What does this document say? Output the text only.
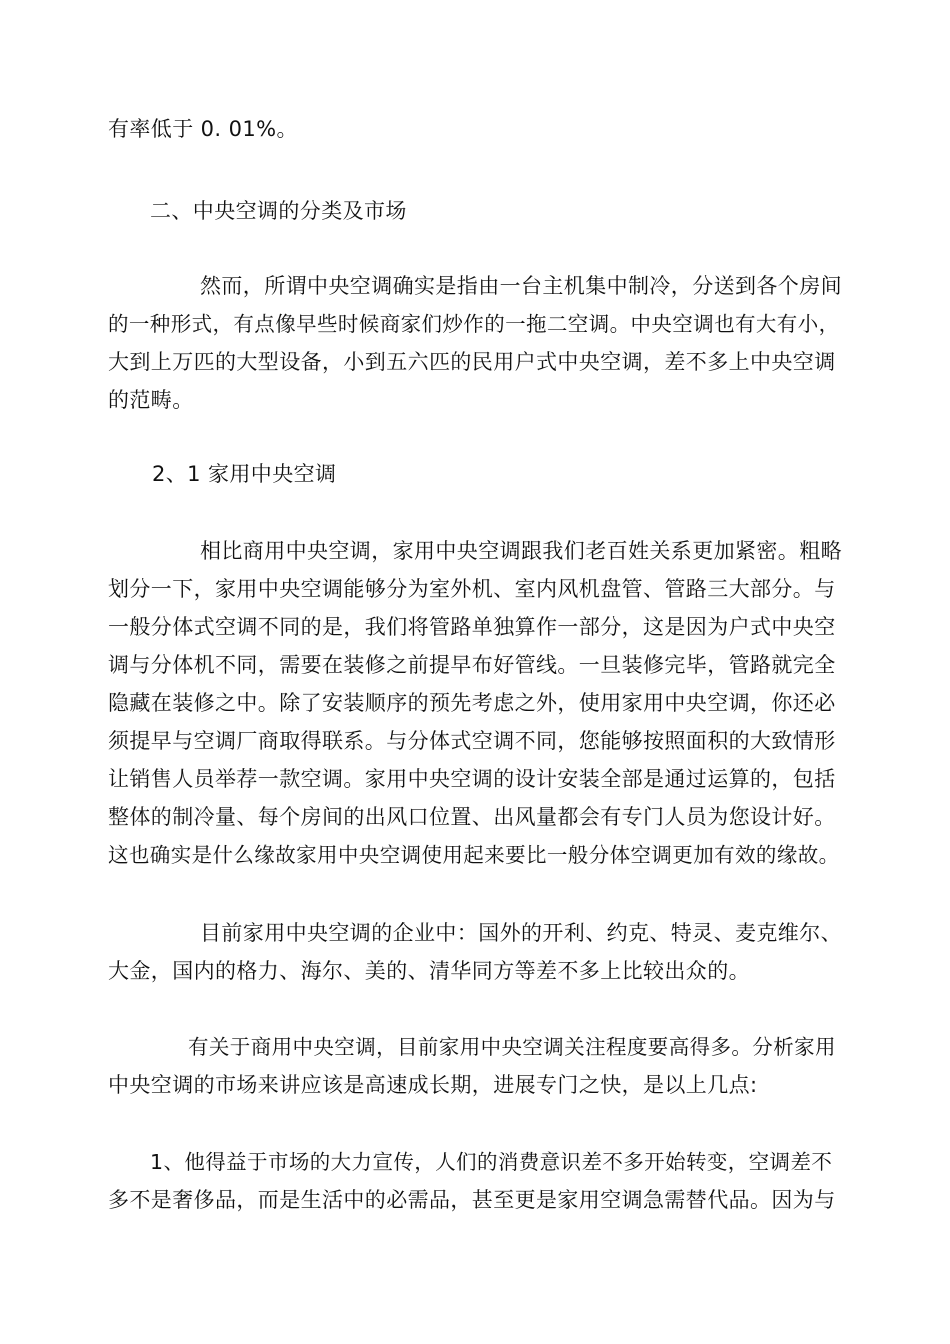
有率低于 0. 01%。
二、中央空调的分类及市场
然而，所谓中央空调确实是指由一台主机集中制冷，分送到各个房间
的一种形式，有点像早些时候商家们炒作的一拖二空调。中央空调也有大有小，
大到上万匹的大型设备，小到五六匹的民用户式中央空调，差不多上中央空调
的范畴。
2、1 家用中央空调
相比商用中央空调，家用中央空调跟我们老百姓关系更加紧密。粗略
划分一下，家用中央空调能够分为室外机、室内风机盘管、管路三大部分。与
一般分体式空调不同的是，我们将管路单独算作一部分，这是因为户式中央空
调与分体机不同，需要在装修之前提早布好管线。一旦装修完毕，管路就完全
隐藏在装修之中。除了安装顺序的预先考虑之外，使用家用中央空调，你还必
须提早与空调厂商取得联系。与分体式空调不同，您能够按照面积的大致情形
让销售人员举荐一款空调。家用中央空调的设计安装全部是通过运算的，包括
整体的制冷量、每个房间的出风口位置、出风量都会有专门人员为您设计好。
这也确实是什么缘故家用中央空调使用起来要比一般分体空调更加有效的缘故。
目前家用中央空调的企业中：国外的开利、约克、特灵、麦克维尔、
大金，国内的格力、海尔、美的、清华同方等差不多上比较出众的。
有关于商用中央空调，目前家用中央空调关注程度要高得多。分析家用
中央空调的市场来讲应该是高速成长期，进展专门之快，是以上几点:
1、他得益于市场的大力宣传，人们的消费意识差不多开始转变，空调差不
多不是奢侈品，而是生活中的必需品，甚至更是家用空调急需替代品。因为与
